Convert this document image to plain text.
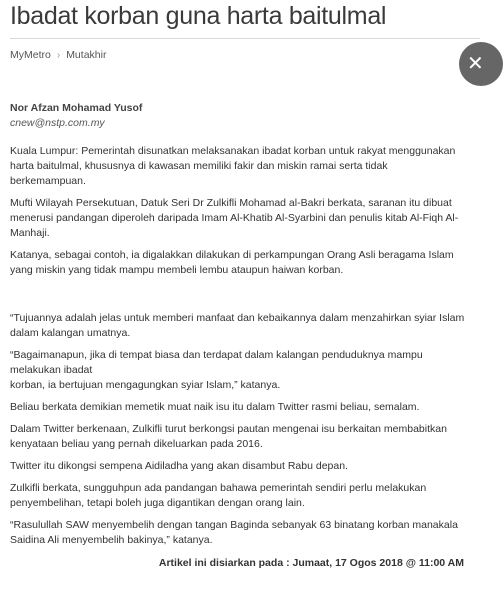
Ibadat korban guna harta baitulmal
MyMetro › Mutakhir	✕
Nor Afzan Mohamad Yusof
cnew@nstp.com.my

Kuala Lumpur: Pemerintah disunatkan melaksanakan ibadat korban untuk rakyat menggunakan harta baitulmal, khususnya di kawasan memiliki fakir dan miskin ramai serta tidak berkemampuan.

Mufti Wilayah Persekutuan, Datuk Seri Dr Zulkifli Mohamad al-Bakri berkata, saranan itu dibuat menerusi pandangan diperoleh daripada Imam Al-Khatib Al-Syarbini dan penulis kitab Al-Fiqh Al-Manhaji.

Katanya, sebagai contoh, ia digalakkan dilakukan di perkampungan Orang Asli beragama Islam yang miskin yang tidak mampu membeli lembu ataupun haiwan korban.

“Tujuannya adalah jelas untuk memberi manfaat dan kebaikannya dalam menzahirkan syiar Islam dalam kalangan umatnya.

“Bagaimanapun, jika di tempat biasa dan terdapat dalam kalangan penduduknya mampu melakukan ibadat
korban, ia bertujuan mengagungkan syiar Islam,” katanya.

Beliau berkata demikian memetik muat naik isu itu dalam Twitter rasmi beliau, semalam.

Dalam Twitter berkenaan, Zulkifli turut berkongsi pautan mengenai isu berkaitan membabitkan kenyataan beliau yang pernah dikeluarkan pada 2016.

Twitter itu dikongsi sempena Aidiladha yang akan disambut Rabu depan.

Zulkifli berkata, sungguhpun ada pandangan bahawa pemerintah sendiri perlu melakukan penyembelihan, tetapi boleh juga digantikan dengan orang lain.

“Rasulullah SAW menyembelih dengan tangan Baginda sebanyak 63 binatang korban manakala Saidina Ali menyembelih bakinya,” katanya.

Artikel ini disiarkan pada : Jumaat, 17 Ogos 2018 @ 11:00 AM
